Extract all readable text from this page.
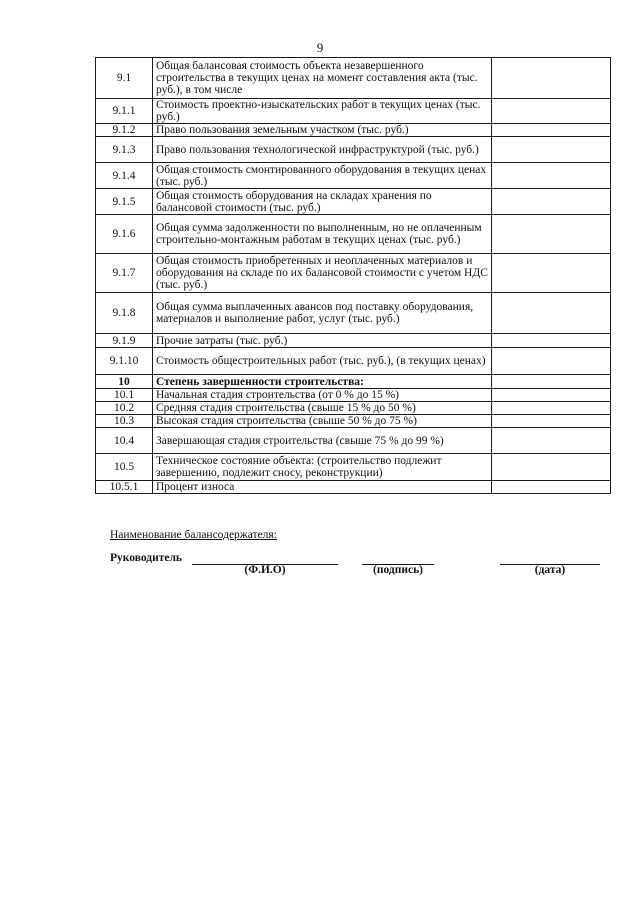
9
9.1	Общая балансовая стоимость объекта незавершенного строительства в текущих ценах на момент составления акта (тыс. руб.), в том числе	
9.1.1	Стоимость проектно-изыскательских работ в текущих ценах (тыс. руб.)	
9.1.2	Право пользования земельным участком (тыс. руб.)	
9.1.3	Право пользования технологической инфраструктурой (тыс. руб.)	
9.1.4	Общая стоимость смонтированного оборудования в текущих ценах (тыс. руб.)	
9.1.5	Общая стоимость оборудования на складах хранения по балансовой стоимости (тыс. руб.)	
9.1.6	Общая сумма задолженности по выполненным, но не оплаченным строительно-монтажным работам в текущих ценах (тыс. руб.)	
9.1.7	Общая стоимость приобретенных и неоплаченных материалов и оборудования на складе по их балансовой стоимости с учетом НДС (тыс. руб.)	
9.1.8	Общая сумма выплаченных авансов под поставку оборудования, материалов и выполнение работ, услуг (тыс. руб.)	
9.1.9	Прочие затраты (тыс. руб.)	
9.1.10	Стоимость общестроительных работ (тыс. руб.), (в текущих ценах)	
10	Степень завершенности строительства:	
10.1	Начальная стадия строительства (от 0 % до 15 %)	
10.2	Средняя стадия строительства (свыше 15 % до 50 %)	
10.3	Высокая стадия строительства (свыше 50 % до 75 %)	
10.4	Завершающая стадия строительства (свыше 75 % до 99 %)	
10.5	Техническое состояние объекта: (строительство подлежит завершению, подлежит сносу, реконструкции)	
10.5.1	Процент износа	
Наименование балансодержателя:
Руководитель
(Ф.И.О)	(подпись)	(дата)
